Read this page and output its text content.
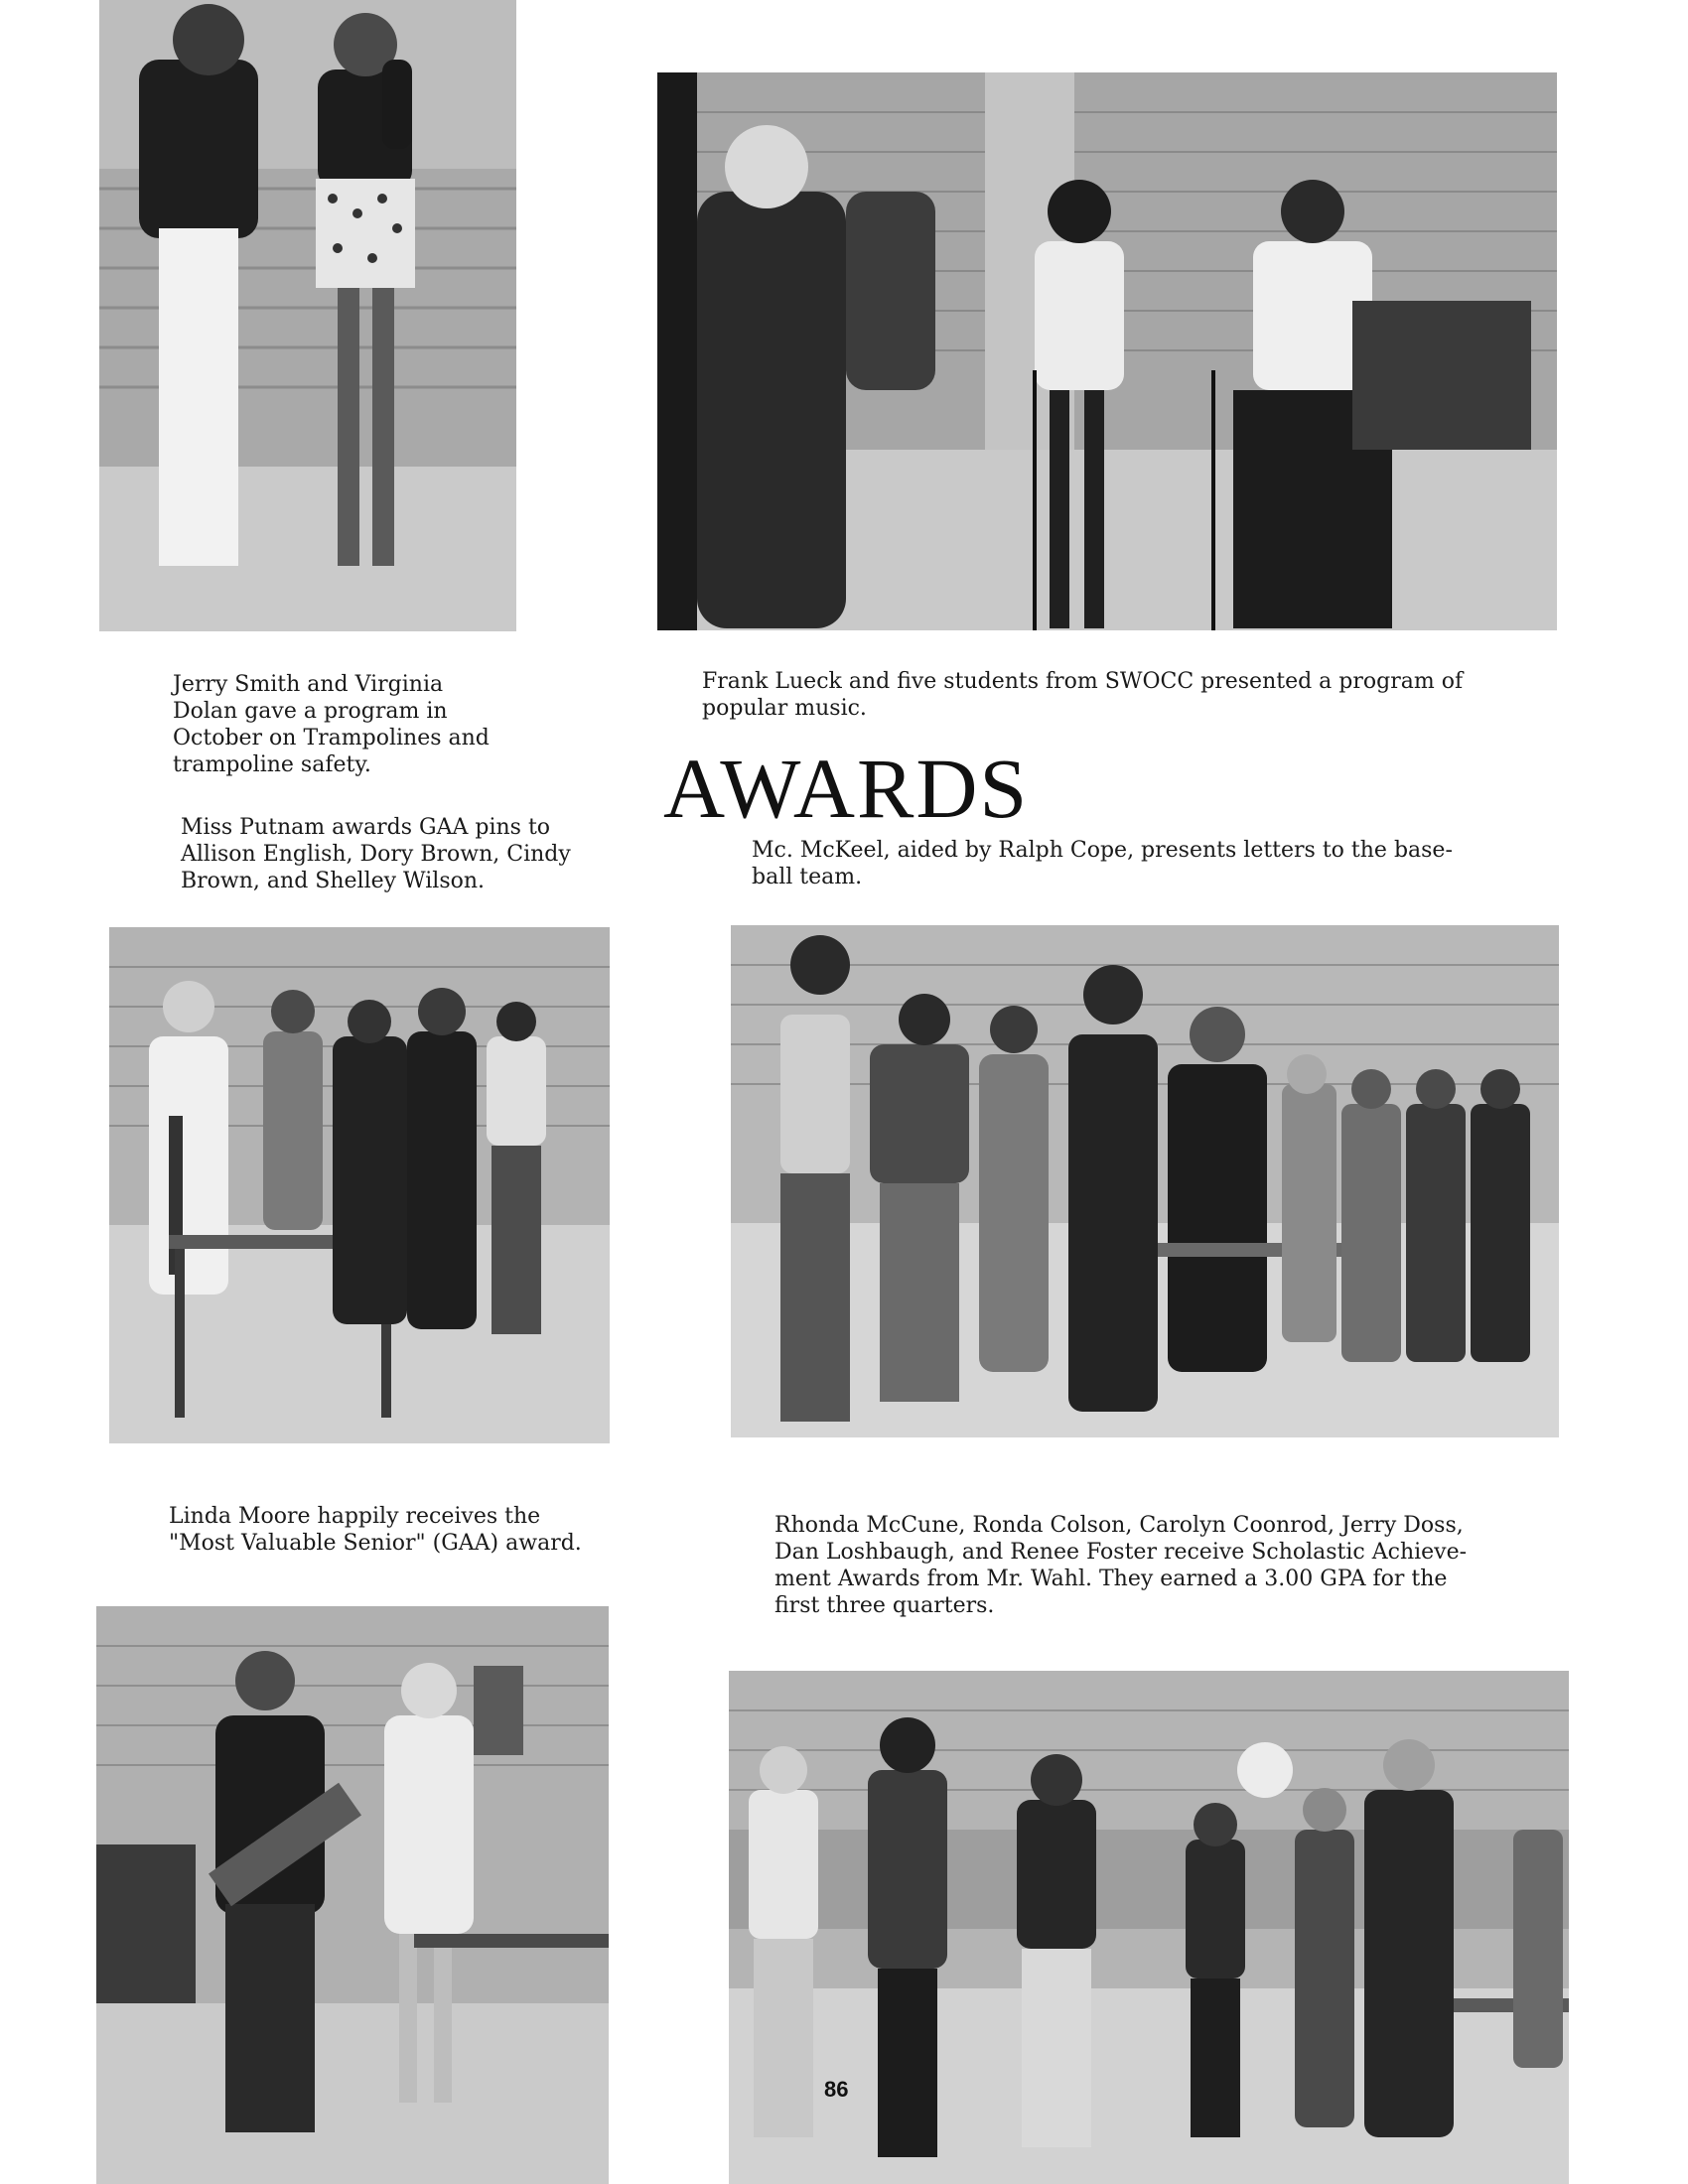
Jerry Smith and Virginia
Dolan gave a program in
October on Trampolines and
trampoline safety.

Frank Lueck and five students from SWOCC presented a program of
popular music.

AWARDS

Miss Putnam awards GAA pins to
Allison English, Dory Brown, Cindy
Brown, and Shelley Wilson.

Mc. McKeel, aided by Ralph Cope, presents letters to the base-
ball team.

Linda Moore happily receives the
"Most Valuable Senior" (GAA) award.

Rhonda McCune, Ronda Colson, Carolyn Coonrod, Jerry Doss,
Dan Loshbaugh, and Renee Foster receive Scholastic Achieve-
ment Awards from Mr. Wahl. They earned a 3.00 GPA for the
first three quarters.

86
